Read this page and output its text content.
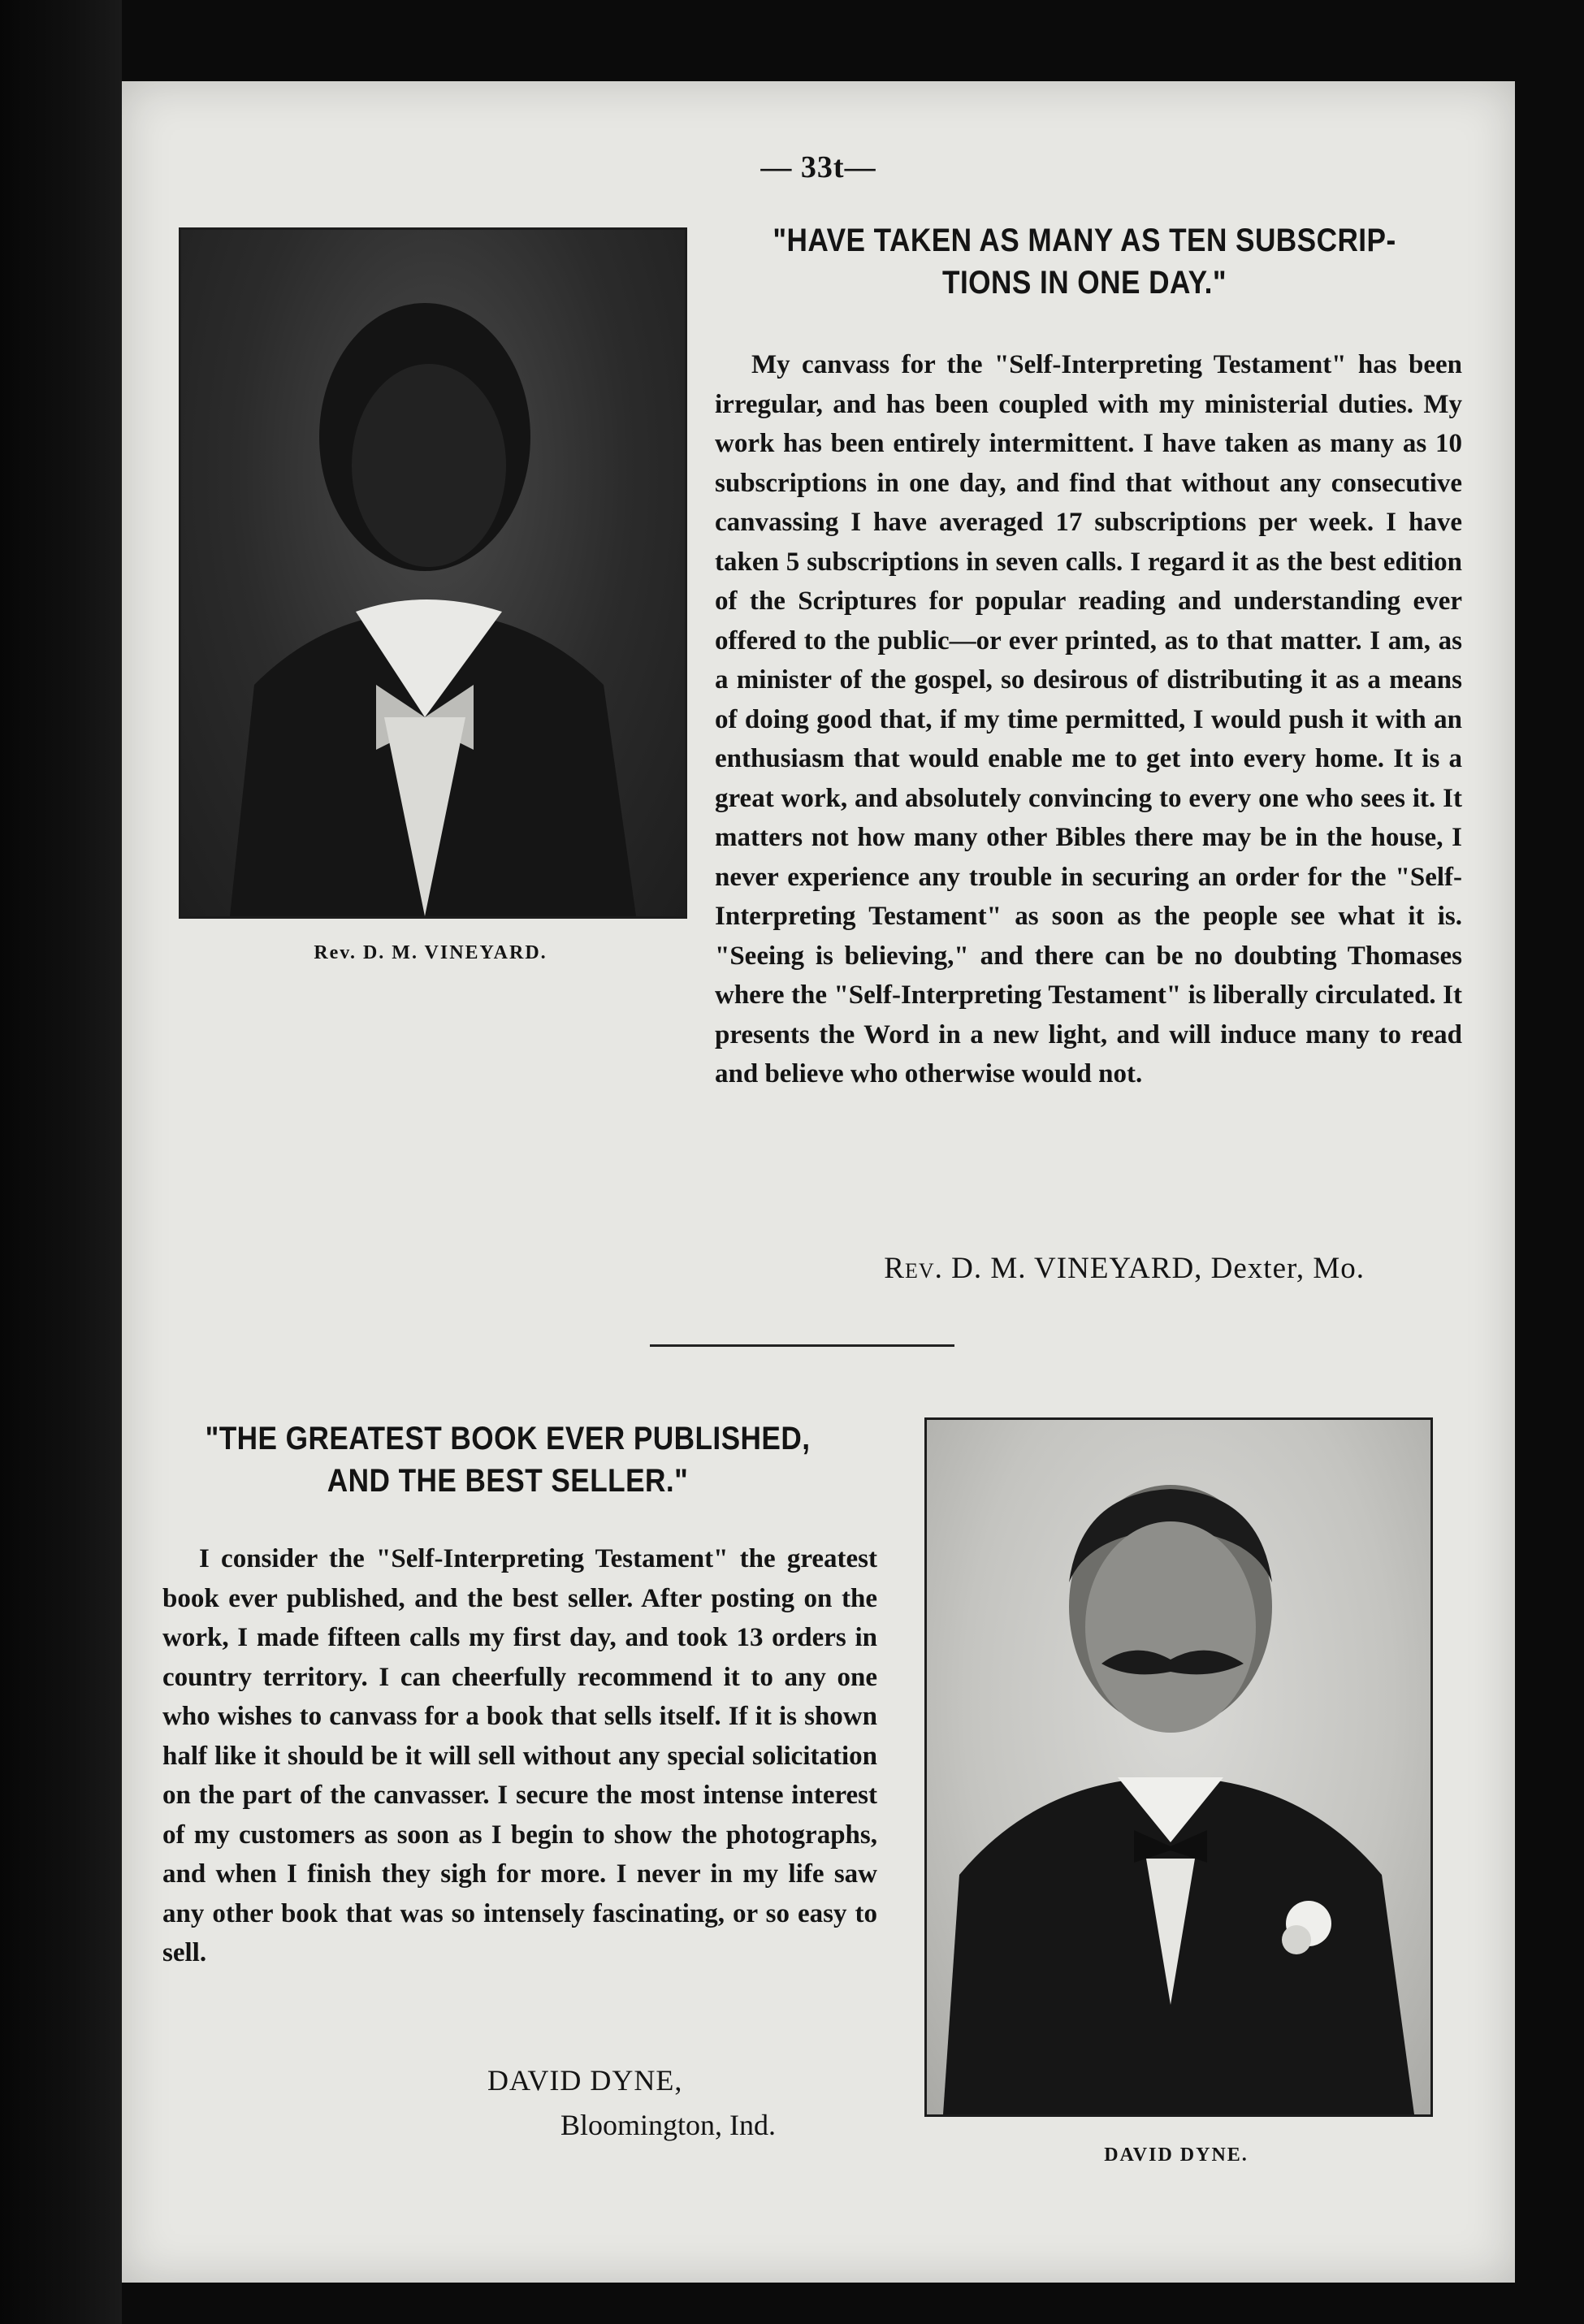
— 33t—
Rev. D. M. VINEYARD.
"HAVE TAKEN AS MANY AS TEN SUBSCRIP-
TIONS IN ONE DAY."

My canvass for the "Self-Interpreting Testament" has been irregular, and has been coupled with my ministerial duties. My work has been entirely intermittent. I have taken as many as 10 subscriptions in one day, and find that without any consecutive canvassing I have averaged 17 subscriptions per week. I have taken 5 subscriptions in seven calls. I regard it as the best edition of the Scriptures for popular reading and understanding ever offered to the public—or ever printed, as to that matter. I am, as a minister of the gospel, so desirous of distributing it as a means of doing good that, if my time permitted, I would push it with an enthusiasm that would enable me to get into every home. It is a great work, and absolutely convincing to every one who sees it. It matters not how many other Bibles there may be in the house, I never experience any trouble in securing an order for the "Self-Interpreting Testament" as soon as the people see what it is. "Seeing is believing," and there can be no doubting Thomases where the "Self-Interpreting Testament" is liberally circulated. It presents the Word in a new light, and will induce many to read and believe who otherwise would not.

Rev. D. M. VINEYARD, Dexter, Mo.
"THE GREATEST BOOK EVER PUBLISHED,
AND THE BEST SELLER."

I consider the "Self-Interpreting Testament" the greatest book ever published, and the best seller. After posting on the work, I made fifteen calls my first day, and took 13 orders in country territory. I can cheerfully recommend it to any one who wishes to canvass for a book that sells itself. If it is shown half like it should be it will sell without any special solicitation on the part of the canvasser. I secure the most intense interest of my customers as soon as I begin to show the photographs, and when I finish they sigh for more. I never in my life saw any other book that was so intensely fascinating, or so easy to sell.

DAVID DYNE,
Bloomington, Ind.
DAVID DYNE.
